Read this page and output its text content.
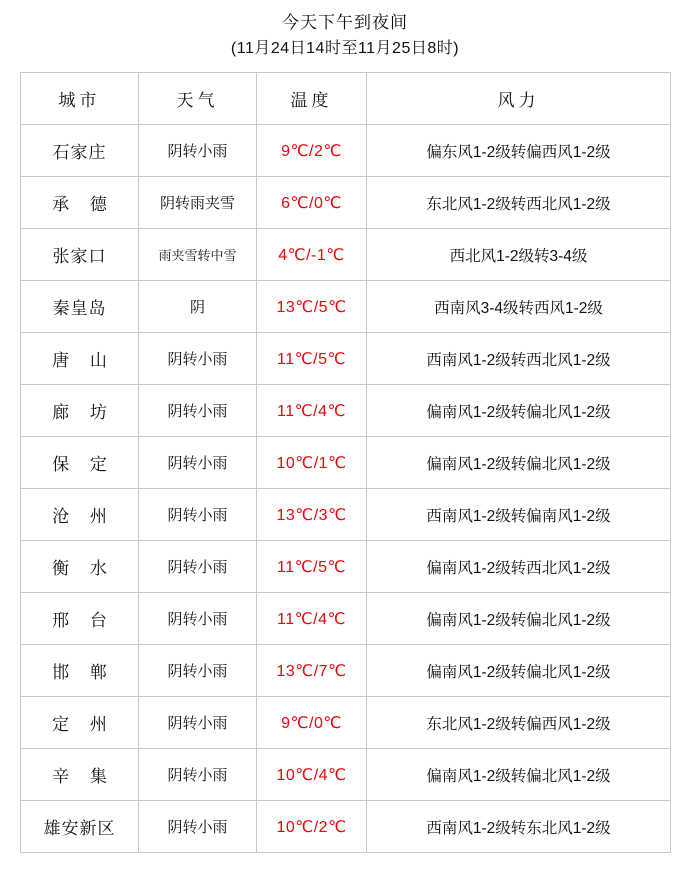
今天下午到夜间
(11月24日14时至11月25日8时)
城市	天气	温度	风力
石家庄	阴转小雨	9℃/2℃	偏东风1-2级转偏西风1-2级
承 德	阴转雨夹雪	6℃/0℃	东北风1-2级转西北风1-2级
张家口	雨夹雪转中雪	4℃/-1℃	西北风1-2级转3-4级
秦皇岛	阴	13℃/5℃	西南风3-4级转西风1-2级
唐 山	阴转小雨	11℃/5℃	西南风1-2级转西北风1-2级
廊 坊	阴转小雨	11℃/4℃	偏南风1-2级转偏北风1-2级
保 定	阴转小雨	10℃/1℃	偏南风1-2级转偏北风1-2级
沧 州	阴转小雨	13℃/3℃	西南风1-2级转偏南风1-2级
衡 水	阴转小雨	11℃/5℃	偏南风1-2级转西北风1-2级
邢 台	阴转小雨	11℃/4℃	偏南风1-2级转偏北风1-2级
邯 郸	阴转小雨	13℃/7℃	偏南风1-2级转偏北风1-2级
定 州	阴转小雨	9℃/0℃	东北风1-2级转偏西风1-2级
辛 集	阴转小雨	10℃/4℃	偏南风1-2级转偏北风1-2级
雄安新区	阴转小雨	10℃/2℃	西南风1-2级转东北风1-2级
